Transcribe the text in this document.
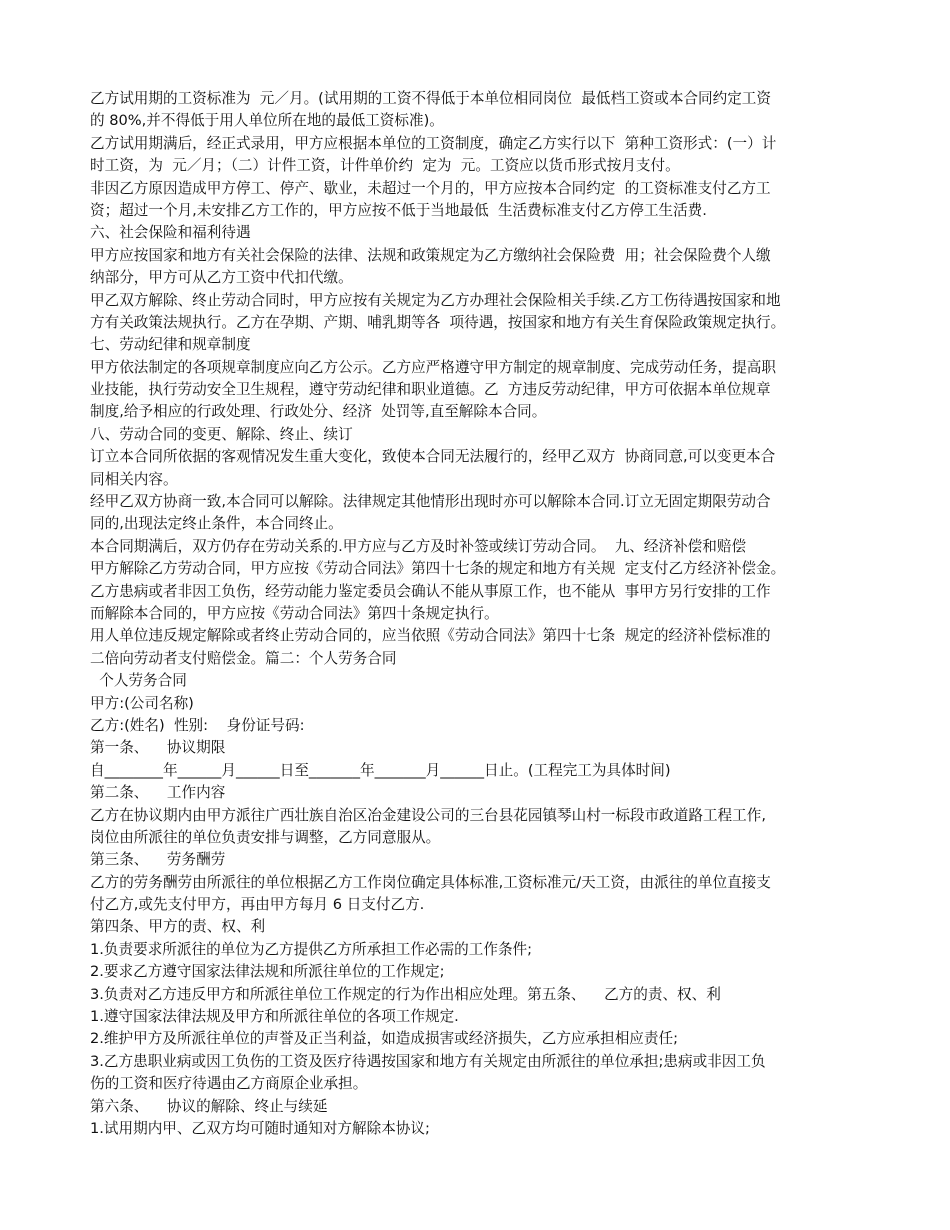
乙方试用期的工资标准为  元／月。(试用期的工资不得低于本单位相同岗位  最低档工资或本合同约定工资
的 80%,并不得低于用人单位所在地的最低工资标准)。
乙方试用期满后，经正式录用，甲方应根据本单位的工资制度，确定乙方实行以下  第种工资形式：(一）计
时工资，为  元／月；（二）计件工资，计件单价约  定为  元。工资应以货币形式按月支付。
非因乙方原因造成甲方停工、停产、歇业，未超过一个月的，甲方应按本合同约定  的工资标准支付乙方工
资；超过一个月,未安排乙方工作的，甲方应按不低于当地最低  生活费标准支付乙方停工生活费.
六、社会保险和福利待遇
甲方应按国家和地方有关社会保险的法律、法规和政策规定为乙方缴纳社会保险费  用；社会保险费个人缴
纳部分，甲方可从乙方工资中代扣代缴。
甲乙双方解除、终止劳动合同时，甲方应按有关规定为乙方办理社会保险相关手续.乙方工伤待遇按国家和地
方有关政策法规执行。乙方在孕期、产期、哺乳期等各  项待遇，按国家和地方有关生育保险政策规定执行。
七、劳动纪律和规章制度
甲方依法制定的各项规章制度应向乙方公示。乙方应严格遵守甲方制定的规章制度、完成劳动任务，提高职
业技能，执行劳动安全卫生规程，遵守劳动纪律和职业道德。乙  方违反劳动纪律，甲方可依据本单位规章
制度,给予相应的行政处理、行政处分、经济  处罚等,直至解除本合同。
八、劳动合同的变更、解除、终止、续订
订立本合同所依据的客观情况发生重大变化，致使本合同无法履行的，经甲乙双方  协商同意,可以变更本合
同相关内容。
经甲乙双方协商一致,本合同可以解除。法律规定其他情形出现时亦可以解除本合同.订立无固定期限劳动合
同的,出现法定终止条件，本合同终止。
本合同期满后，双方仍存在劳动关系的.甲方应与乙方及时补签或续订劳动合同。  九、经济补偿和赔偿
甲方解除乙方劳动合同，甲方应按《劳动合同法》第四十七条的规定和地方有关规  定支付乙方经济补偿金。
乙方患病或者非因工负伤，经劳动能力鉴定委员会确认不能从事原工作，也不能从  事甲方另行安排的工作
而解除本合同的，甲方应按《劳动合同法》第四十条规定执行。
用人单位违反规定解除或者终止劳动合同的，应当依照《劳动合同法》第四十七条  规定的经济补偿标准的
二倍向劳动者支付赔偿金。篇二：个人劳务合同
个人劳务合同
甲方:(公司名称)
乙方:(姓名)  性别:    身份证号码:
第一条、    协议期限
自________年______月______日至_______年_______月______日止。(工程完工为具体时间)
第二条、    工作内容
乙方在协议期内由甲方派往广西壮族自治区冶金建设公司的三台县花园镇琴山村一标段市政道路工程工作,
岗位由所派往的单位负责安排与调整，乙方同意服从。
第三条、    劳务酬劳
乙方的劳务酬劳由所派往的单位根据乙方工作岗位确定具体标准,工资标准元/天工资，由派往的单位直接支
付乙方,或先支付甲方，再由甲方每月 6 日支付乙方.
第四条、甲方的责、权、利
1.负责要求所派往的单位为乙方提供乙方所承担工作必需的工作条件;
2.要求乙方遵守国家法律法规和所派往单位的工作规定;
3.负责对乙方违反甲方和所派往单位工作规定的行为作出相应处理。第五条、    乙方的责、权、利
1.遵守国家法律法规及甲方和所派往单位的各项工作规定.
2.维护甲方及所派往单位的声誉及正当利益，如造成损害或经济损失，乙方应承担相应责任;
3.乙方患职业病或因工负伤的工资及医疗待遇按国家和地方有关规定由所派往的单位承担;患病或非因工负
伤的工资和医疗待遇由乙方商原企业承担。
第六条、    协议的解除、终止与续延
1.试用期内甲、乙双方均可随时通知对方解除本协议;
